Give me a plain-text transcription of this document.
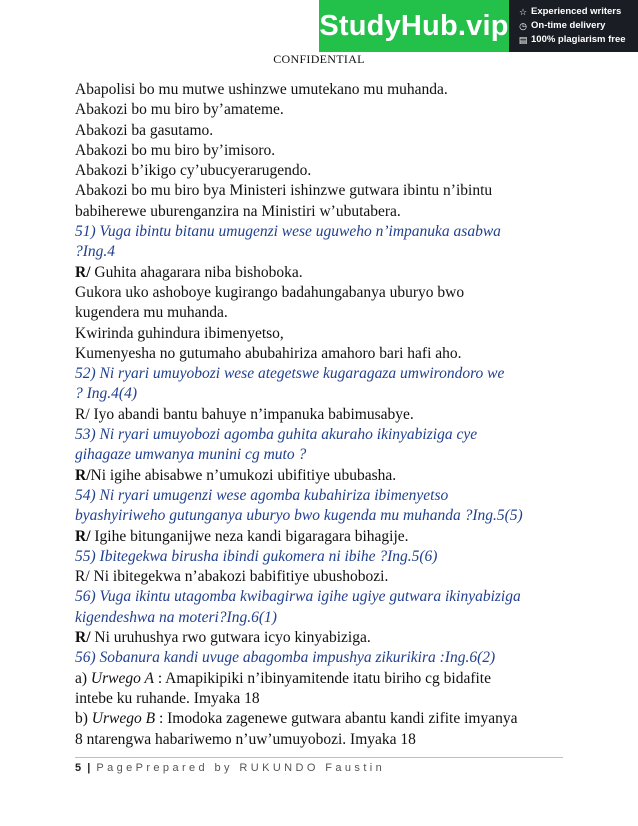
StudyHub.vip ☆ Experienced writers
◷ On-time delivery
▤ 100% plagiarism free
CONFIDENTIAL
Abapolisi bo mu mutwe ushinzwe umutekano mu muhanda.
Abakozi bo mu biro by’amateme.
Abakozi ba gasutamo.
Abakozi bo mu biro by’imisoro.
Abakozi b’ikigo cy’ubucyerarugendo.
Abakozi bo mu biro bya Ministeri ishinzwe gutwara ibintu n’ibintu
babiherewe uburenganzira na Ministiri w’ubutabera.
51) Vuga ibintu bitanu umugenzi wese uguweho n’impanuka asabwa
?Ing.4
R/ Guhita ahagarara niba bishoboka.
Gukora uko ashoboye kugirango badahungabanya uburyo bwo
kugendera mu muhanda.
Kwirinda guhindura ibimenyetso,
Kumenyesha no gutumaho abubahiriza amahoro bari hafi aho.
52) Ni ryari umuyobozi wese ategetswe kugaragaza umwirondoro we
? Ing.4(4)
R/ Iyo abandi bantu bahuye n’impanuka babimusabye.
53) Ni ryari umuyobozi agomba guhita akuraho ikinyabiziga cye
gihagaze umwanya munini cg muto ?
R/Ni igihe abisabwe n’umukozi ubifitiye ububasha.
54) Ni ryari umugenzi wese agomba kubahiriza ibimenyetso
byashyiriweho gutunganya uburyo bwo kugenda mu muhanda ?Ing.5(5)
R/ Igihe bitunganijwe neza kandi bigaragara bihagije.
55) Ibitegekwa birusha ibindi gukomera ni ibihe ?Ing.5(6)
R/ Ni ibitegekwa n’abakozi babifitiye ubushobozi.
56) Vuga ikintu utagomba kwibagirwa igihe ugiye gutwara ikinyabiziga
kigendeshwa na moteri?Ing.6(1)
R/ Ni uruhushya rwo gutwara icyo kinyabiziga.
56) Sobanura kandi uvuge abagomba impushya zikurikira :Ing.6(2)
a) Urwego A : Amapikipiki n’ibinyamitende itatu biriho cg bidafite
intebe ku ruhande. Imyaka 18
b) Urwego B : Imodoka zagenewe gutwara abantu kandi zifite imyanya
8 ntarengwa habariwemo n’uw’umuyobozi. Imyaka 18
5 | PagePrepared by RUKUNDO Faustin
